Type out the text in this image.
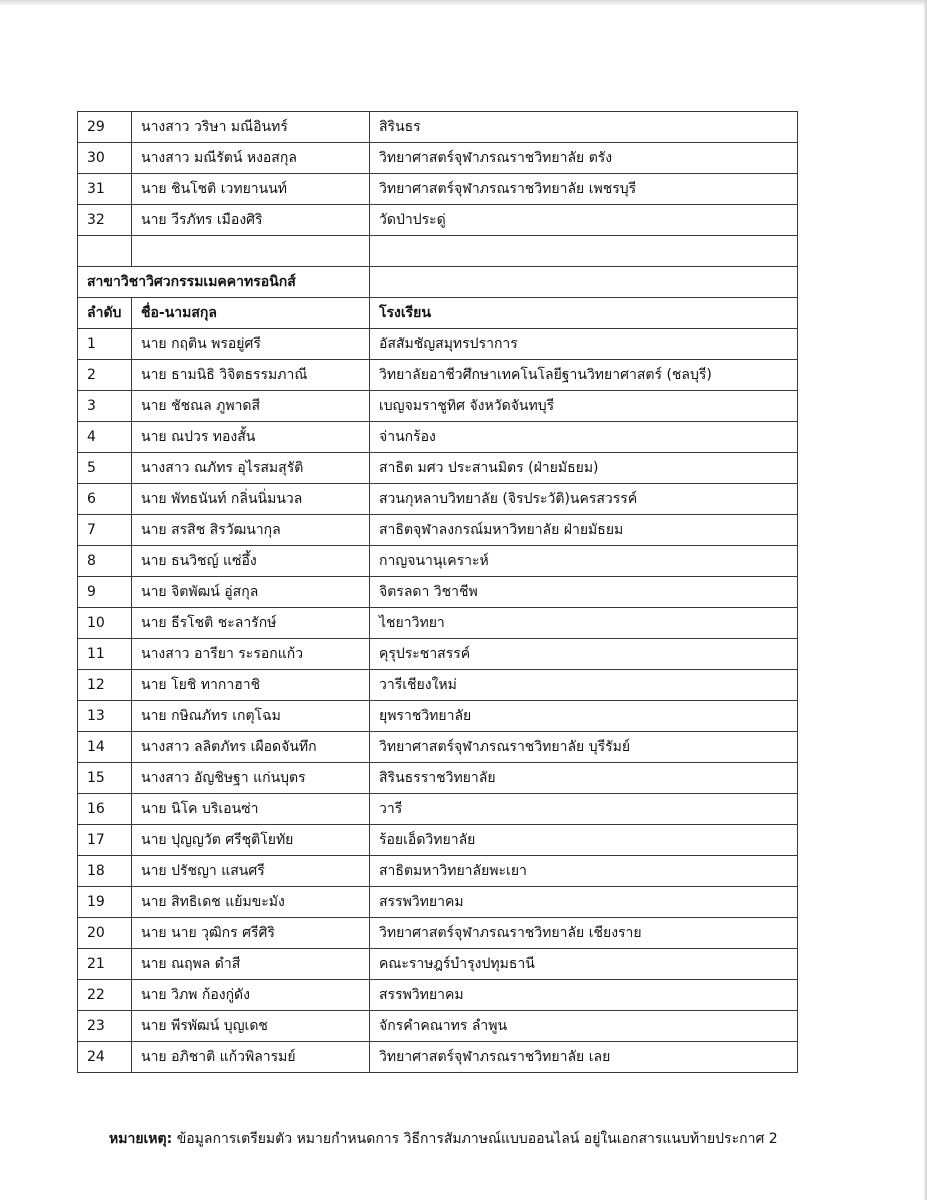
29	นางสาว วริษา มณีอินทร์	สิรินธร
30	นางสาว มณีรัตน์ หงอสกุล	วิทยาศาสตร์จุฬาภรณราชวิทยาลัย ตรัง
31	นาย ชินโชติ เวทยานนท์	วิทยาศาสตร์จุฬาภรณราชวิทยาลัย เพชรบุรี
32	นาย วีรภัทร เมืองศิริ	วัดป่าประดู่

สาขาวิชาวิศวกรรมเมคคาทรอนิกส์		
ลำดับ	ชื่อ-นามสกุล	โรงเรียน
1	นาย กฤติน พรอยู่ศรี	อัสสัมชัญสมุทรปราการ
2	นาย ธามนิธิ วิจิตธรรมภาณี	วิทยาลัยอาชีวศึกษาเทคโนโลยีฐานวิทยาศาสตร์ (ชลบุรี)
3	นาย ชัชณล ภูพาดสี	เบญจมราชูทิศ จังหวัดจันทบุรี
4	นาย ณปวร ทองสั้น	จ่านกร้อง
5	นางสาว ณภัทร อุไรสมสุรัติ	สาธิต มศว ประสานมิตร (ฝ่ายมัธยม)
6	นาย พัทธนันท์ กลิ่นนิ่มนวล	สวนกุหลาบวิทยาลัย (จิรประวัติ)นครสวรรค์
7	นาย สรสิช สิรวัฒนากุล	สาธิตจุฬาลงกรณ์มหาวิทยาลัย ฝ่ายมัธยม
8	นาย ธนวิชญ์ แซ่อึ้ง	กาญจนานุเคราะห์
9	นาย จิตพัฒน์ อู่สกุล	จิตรลดา วิชาชีพ
10	นาย ธีรโชติ ชะลารักษ์	ไชยาวิทยา
11	นางสาว อารียา ระรอกแก้ว	คุรุประชาสรรค์
12	นาย โยชิ ทากาฮาชิ	วารีเชียงใหม่
13	นาย กษิณภัทร เกตุโฉม	ยุพราชวิทยาลัย
14	นางสาว ลลิตภัทร เผือดจันทึก	วิทยาศาสตร์จุฬาภรณราชวิทยาลัย บุรีรัมย์
15	นางสาว อัญชิษฐา แก่นบุตร	สิรินธรราชวิทยาลัย
16	นาย นิโค บริเอนซ่า	วารี
17	นาย ปุญญวัต ศรีชุติโยทัย	ร้อยเอ็ดวิทยาลัย
18	นาย ปรัชญา แสนศรี	สาธิตมหาวิทยาลัยพะเยา
19	นาย สิทธิเดช แย้มขะมัง	สรรพวิทยาคม
20	นาย นาย วุฒิกร ศรีศิริ	วิทยาศาสตร์จุฬาภรณราชวิทยาลัย เชียงราย
21	นาย ณฤพล ดำสี	คณะราษฎร์บำรุงปทุมธานี
22	นาย วิภพ ก้องกู่ดัง	สรรพวิทยาคม
23	นาย พีรพัฒน์ บุญเดช	จักรคำคณาทร ลำพูน
24	นาย อภิชาติ แก้วพิลารมย์	วิทยาศาสตร์จุฬาภรณราชวิทยาลัย เลย
หมายเหตุ: ข้อมูลการเตรียมตัว หมายกำหนดการ วิธีการสัมภาษณ์แบบออนไลน์ อยู่ในเอกสารแนบท้ายประกาศ 2
